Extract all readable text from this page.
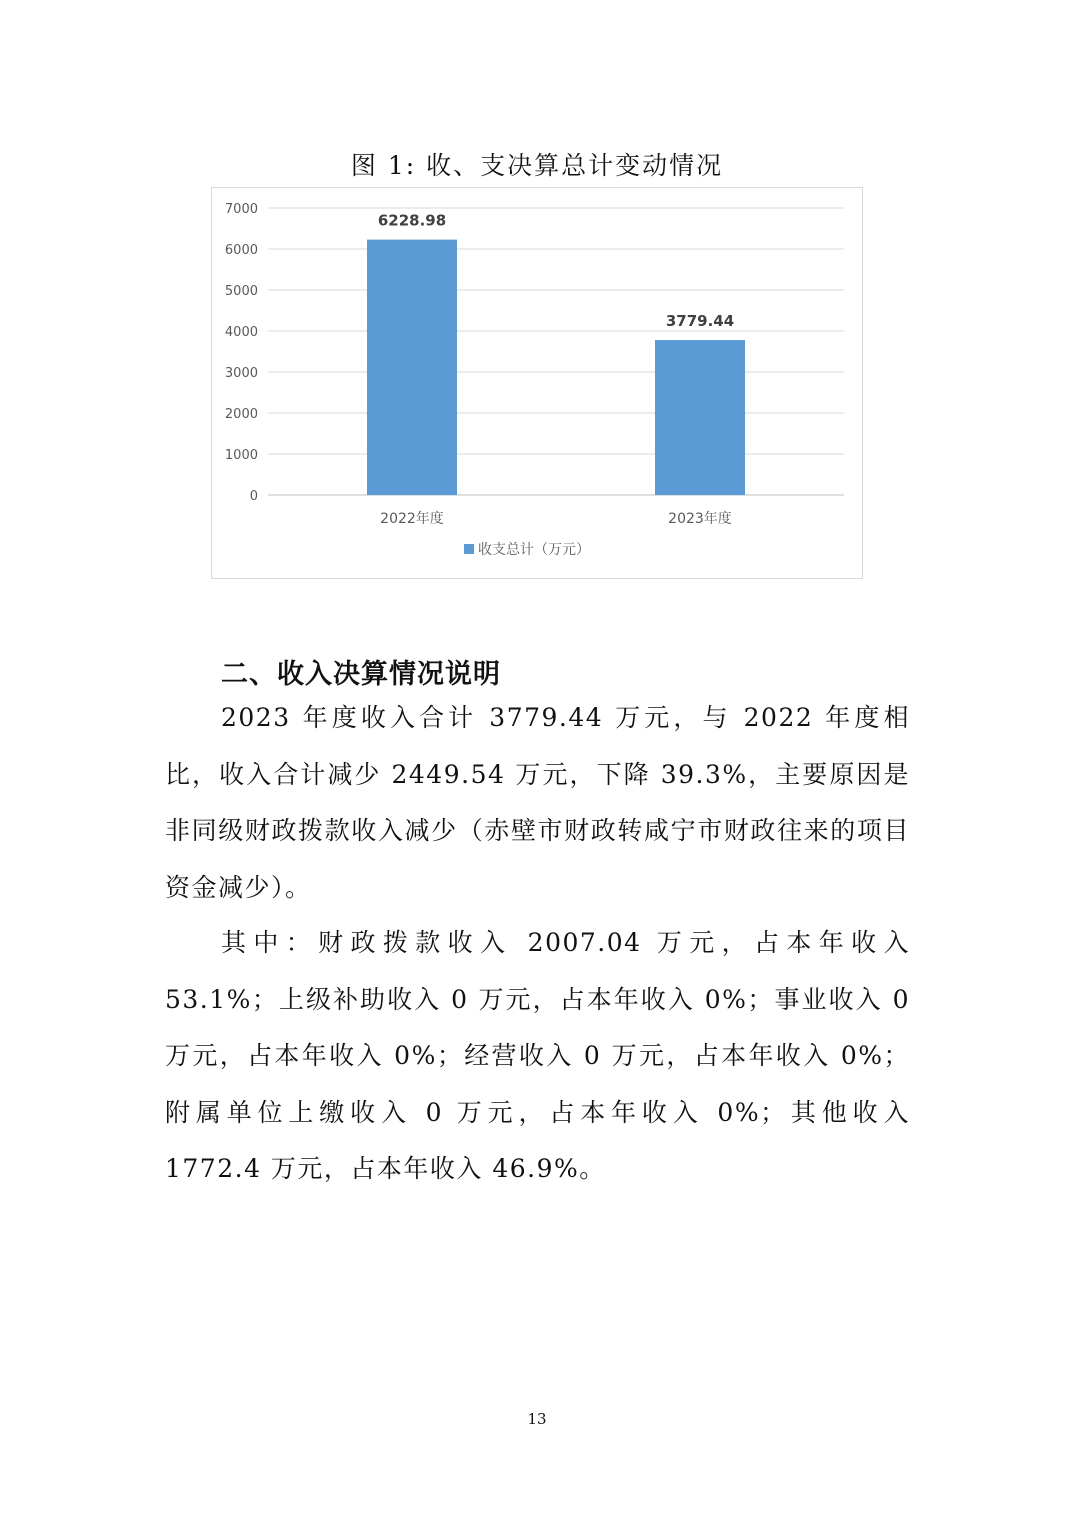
图 1: 收、支决算总计变动情况
0
1000
2000
3000
4000
5000
6000
7000
6228.98
2022年度
3779.44
2023年度
收支总计（万元）
二、收入决算情况说明

2023 年度收入合计 3779.44 万元，与 2022 年度相比，收入合计减少 2449.54 万元，下降 39.3%，主要原因是非同级财政拨款收入减少（赤壁市财政转咸宁市财政往来的项目资金减少）。

其中：财政拨款收入 2007.04 万元，占本年收入 53.1%；上级补助收入 0 万元，占本年收入 0%；事业收入 0 万元，占本年收入 0%；经营收入 0 万元，占本年收入 0%；附属单位上缴收入 0 万元，占本年收入 0%；其他收入 1772.4 万元，占本年收入 46.9%。

13
